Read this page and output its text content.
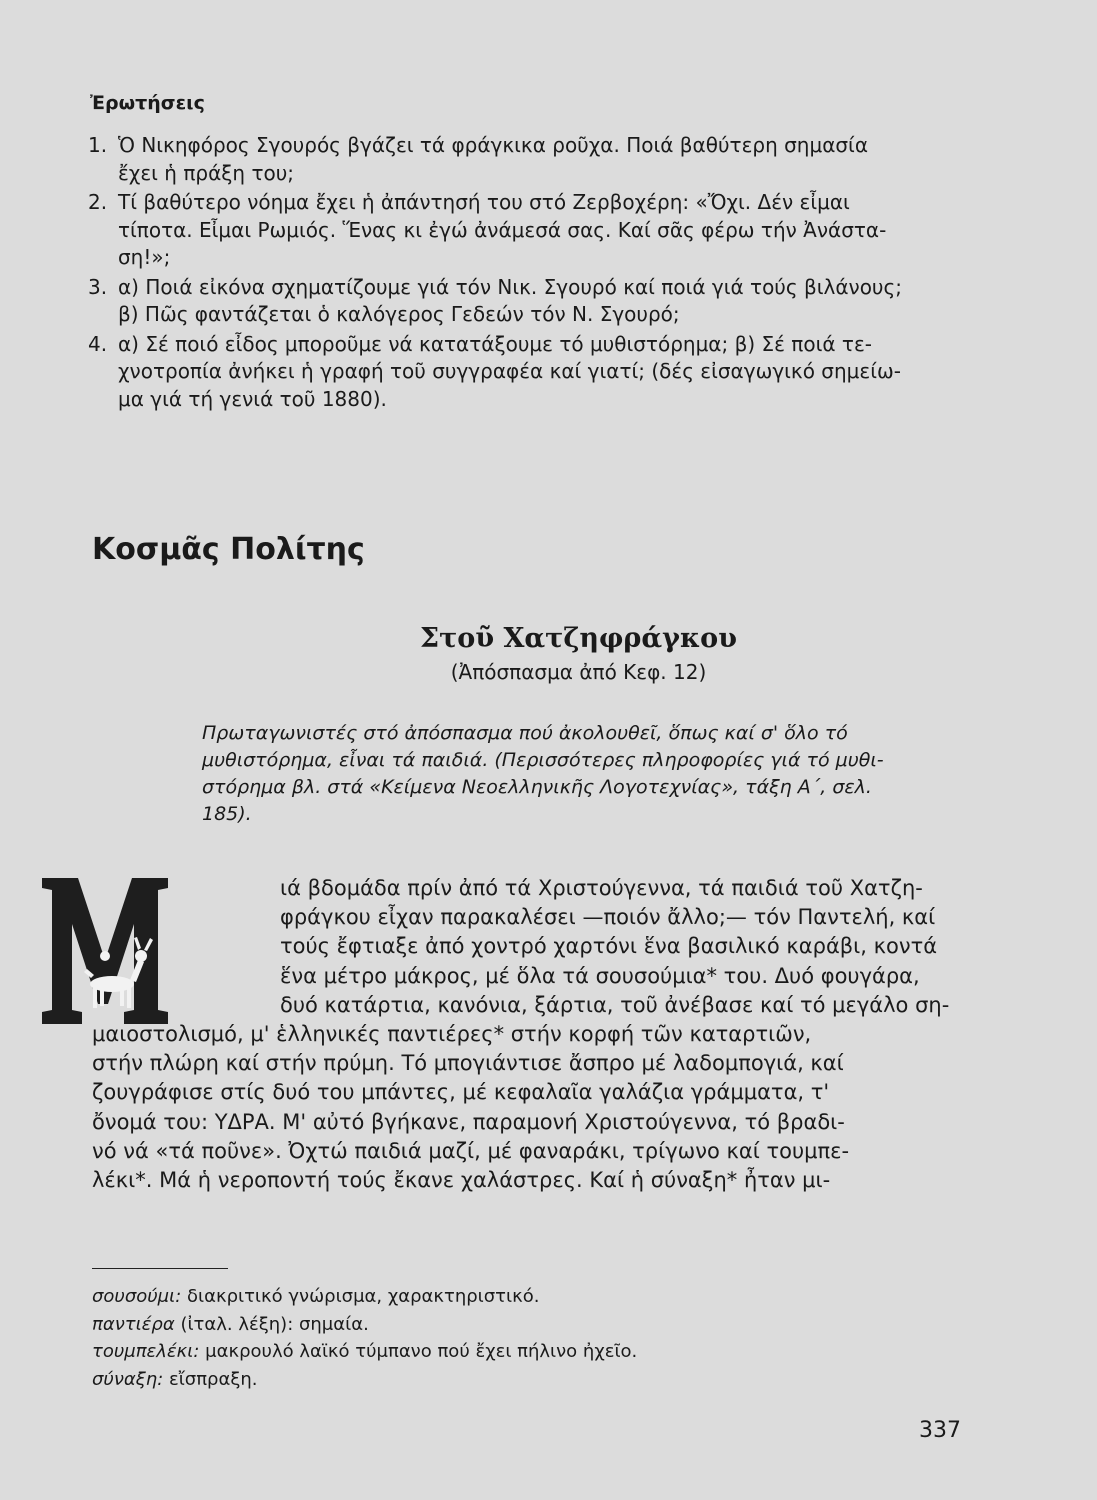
Ἐρωτήσεις
1. Ὁ Νικηφόρος Σγουρός βγάζει τά φράγκικα ροῦχα. Ποιά βαθύτερη σημασία
ἔχει ἡ πράξη του;
2. Τί βαθύτερο νόημα ἔχει ἡ ἀπάντησή του στό Ζερβοχέρη: «Ὄχι. Δέν εἶμαι
τίποτα. Εἶμαι Ρωμιός. Ἕνας κι ἐγώ ἀνάμεσά σας. Καί σᾶς φέρω τήν Ἀνάστα-
ση!»;
3. α) Ποιά εἰκόνα σχηματίζουμε γιά τόν Νικ. Σγουρό καί ποιά γιά τούς βιλάνους;
β) Πῶς φαντάζεται ὁ καλόγερος Γεδεών τόν Ν. Σγουρό;
4. α) Σέ ποιό εἶδος μποροῦμε νά κατατάξουμε τό μυθιστόρημα; β) Σέ ποιά τε-
χνοτροπία ἀνήκει ἡ γραφή τοῦ συγγραφέα καί γιατί; (δές εἰσαγωγικό σημείω-
μα γιά τή γενιά τοῦ 1880).
Κοσμᾶς Πολίτης
Στοῦ Χατζηφράγκου
(Ἀπόσπασμα ἀπό Κεφ. 12)
Πρωταγωνιστές στό ἀπόσπασμα πού ἀκολουθεῖ, ὅπως καί σ' ὅλο τό
μυθιστόρημα, εἶναι τά παιδιά. (Περισσότερες πληροφορίες γιά τό μυθι-
στόρημα βλ. στά «Κείμενα Νεοελληνικῆς Λογοτεχνίας», τάξη Α΄, σελ.
185).
ιά βδομάδα πρίν ἀπό τά Χριστούγεννα, τά παιδιά τοῦ Χατζη-
φράγκου εἶχαν παρακαλέσει —ποιόν ἄλλο;— τόν Παντελή, καί
τούς ἔφτιαξε ἀπό χοντρό χαρτόνι ἕνα βασιλικό καράβι, κοντά
ἕνα μέτρο μάκρος, μέ ὅλα τά σουσούμια* του. Δυό φουγάρα,
δυό κατάρτια, κανόνια, ξάρτια, τοῦ ἀνέβασε καί τό μεγάλο ση-
μαιοστολισμό, μ' ἑλληνικές παντιέρες* στήν κορφή τῶν καταρτιῶν,
στήν πλώρη καί στήν πρύμη. Τό μπογιάντισε ἄσπρο μέ λαδομπογιά, καί
ζουγράφισε στίς δυό του μπάντες, μέ κεφαλαῖα γαλάζια γράμματα, τ'
ὄνομά του: ΥΔΡΑ. Μ' αὐτό βγήκανε, παραμονή Χριστούγεννα, τό βραδι-
νό νά «τά ποῦνε». Ὀχτώ παιδιά μαζί, μέ φαναράκι, τρίγωνο καί τουμπε-
λέκι*. Μά ἡ νεροποντή τούς ἔκανε χαλάστρες. Καί ἡ σύναξη* ἦταν μι-
σουσούμι: διακριτικό γνώρισμα, χαρακτηριστικό.
παντιέρα (ἰταλ. λέξη): σημαία.
τουμπελέκι: μακρουλό λαϊκό τύμπανο πού ἔχει πήλινο ἠχεῖο.
σύναξη: εἴσπραξη.
337
